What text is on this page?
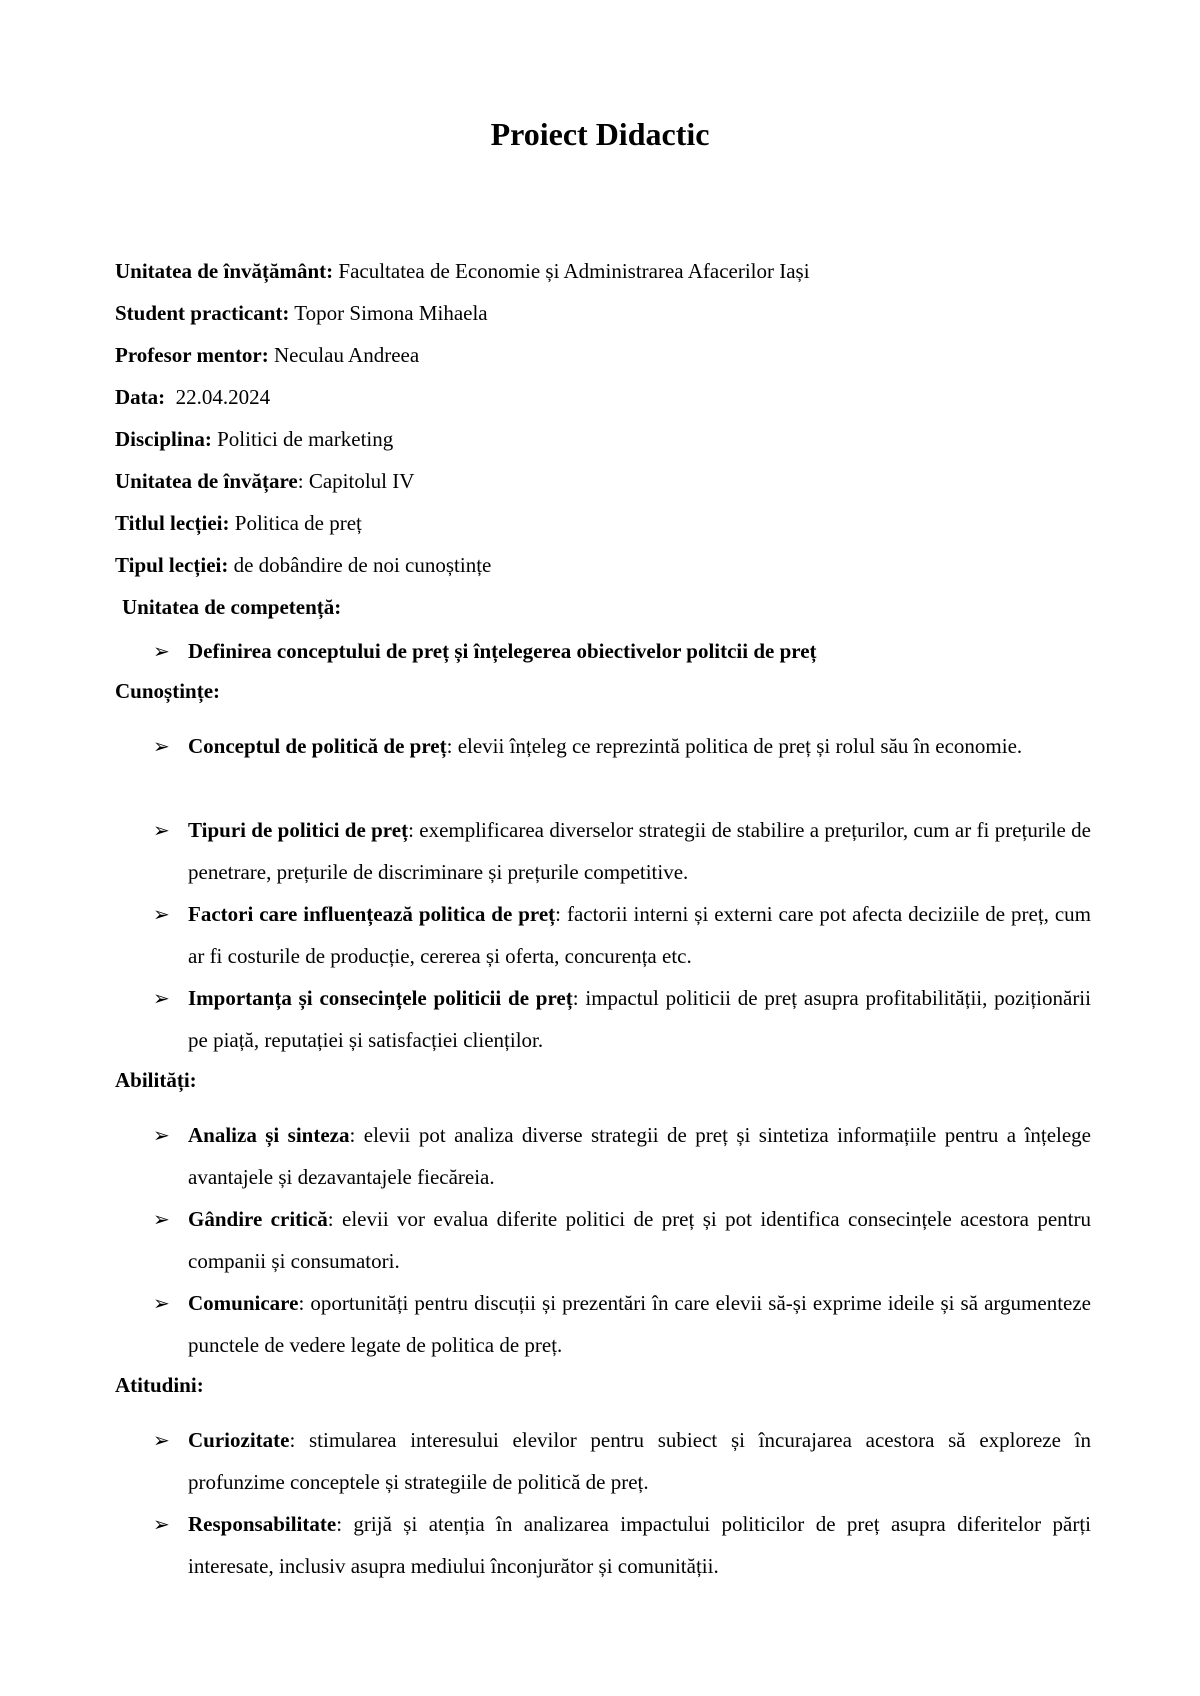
Proiect Didactic
Unitatea de învățământ: Facultatea de Economie și Administrarea Afacerilor Iași
Student practicant: Topor Simona Mihaela
Profesor mentor: Neculau Andreea
Data:  22.04.2024
Disciplina: Politici de marketing
Unitatea de învățare: Capitolul IV
Titlul lecției: Politica de preț
Tipul lecției: de dobândire de noi cunoștințe
Unitatea de competență:
➢ Definirea conceptului de preț și înțelegerea obiectivelor politcii de preț
Cunoștințe:
➢ Conceptul de politică de preț: elevii înțeleg ce reprezintă politica de preț și rolul său în economie.
➢ Tipuri de politici de preț: exemplificarea diverselor strategii de stabilire a prețurilor, cum ar fi prețurile de penetrare, prețurile de discriminare și prețurile competitive.
➢ Factori care influențează politica de preț: factorii interni și externi care pot afecta deciziile de preț, cum ar fi costurile de producție, cererea și oferta, concurența etc.
➢ Importanța și consecințele politicii de preț: impactul politicii de preț asupra profitabilității, poziționării pe piață, reputației și satisfacției clienților.
Abilități:
➢ Analiza și sinteza: elevii pot analiza diverse strategii de preț și sintetiza informațiile pentru a înțelege avantajele și dezavantajele fiecăreia.
➢ Gândire critică: elevii vor evalua diferite politici de preț și pot identifica consecințele acestora pentru companii și consumatori.
➢ Comunicare: oportunități pentru discuții și prezentări în care elevii să-și exprime ideile și să argumenteze punctele de vedere legate de politica de preț.
Atitudini:
➢ Curiozitate: stimularea interesului elevilor pentru subiect și încurajarea acestora să exploreze în profunzime conceptele și strategiile de politică de preț.
➢ Responsabilitate: grijă și atenția în analizarea impactului politicilor de preț asupra diferitelor părți interesate, inclusiv asupra mediului înconjurător și comunității.
